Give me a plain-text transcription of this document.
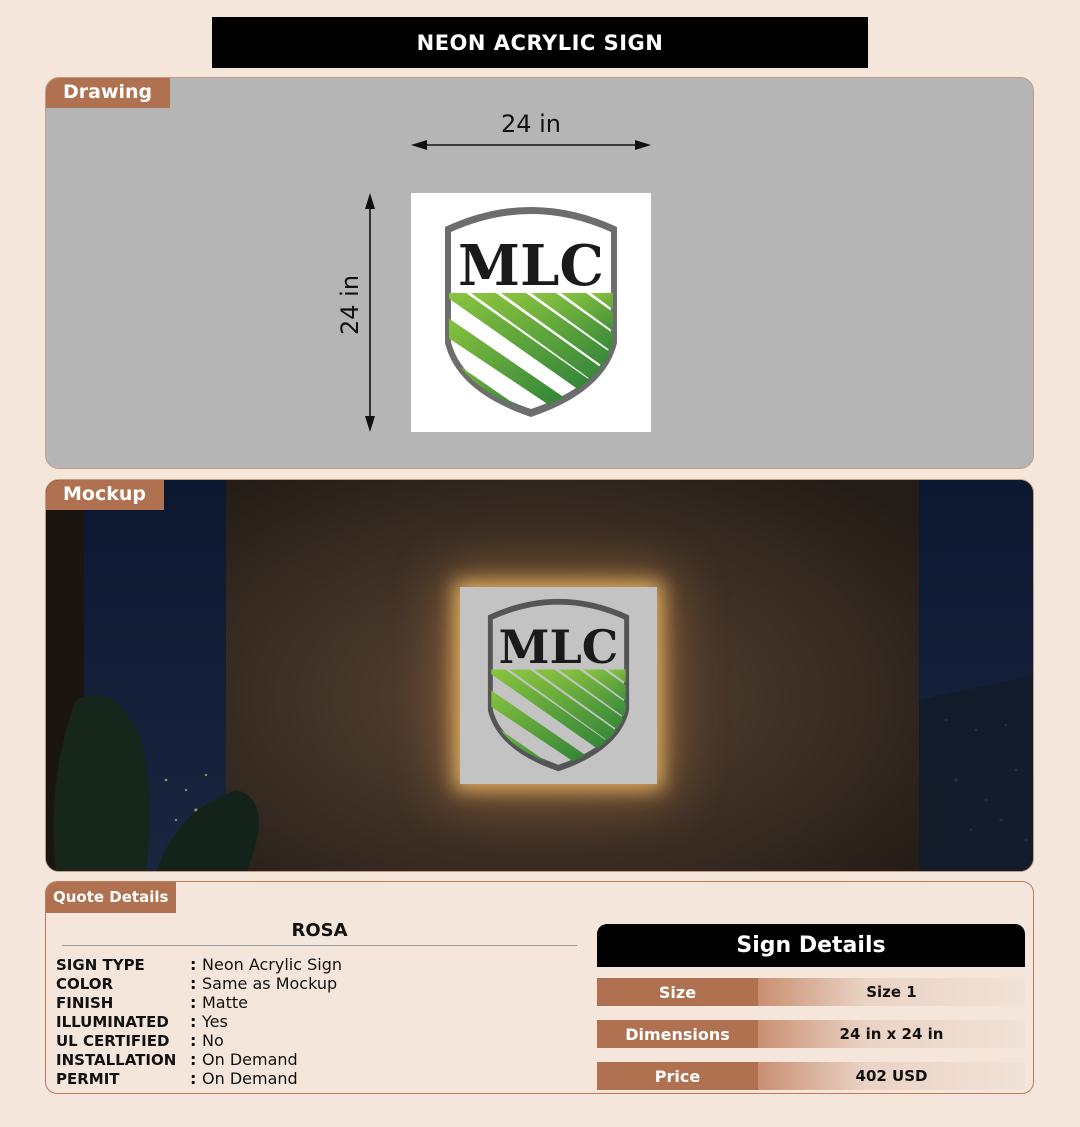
NEON ACRYLIC SIGN
Drawing
24 in
24 in
MLC
Mockup
MLC
Quote Details
ROSA
SIGN TYPE	: Neon Acrylic Sign
COLOR	: Same as Mockup
FINISH	: Matte
ILLUMINATED	: Yes
UL CERTIFIED	: No
INSTALLATION : On Demand
PERMIT	: On Demand
Sign Details
Size	Size 1
Dimensions	24 in x 24 in
Price	402 USD
